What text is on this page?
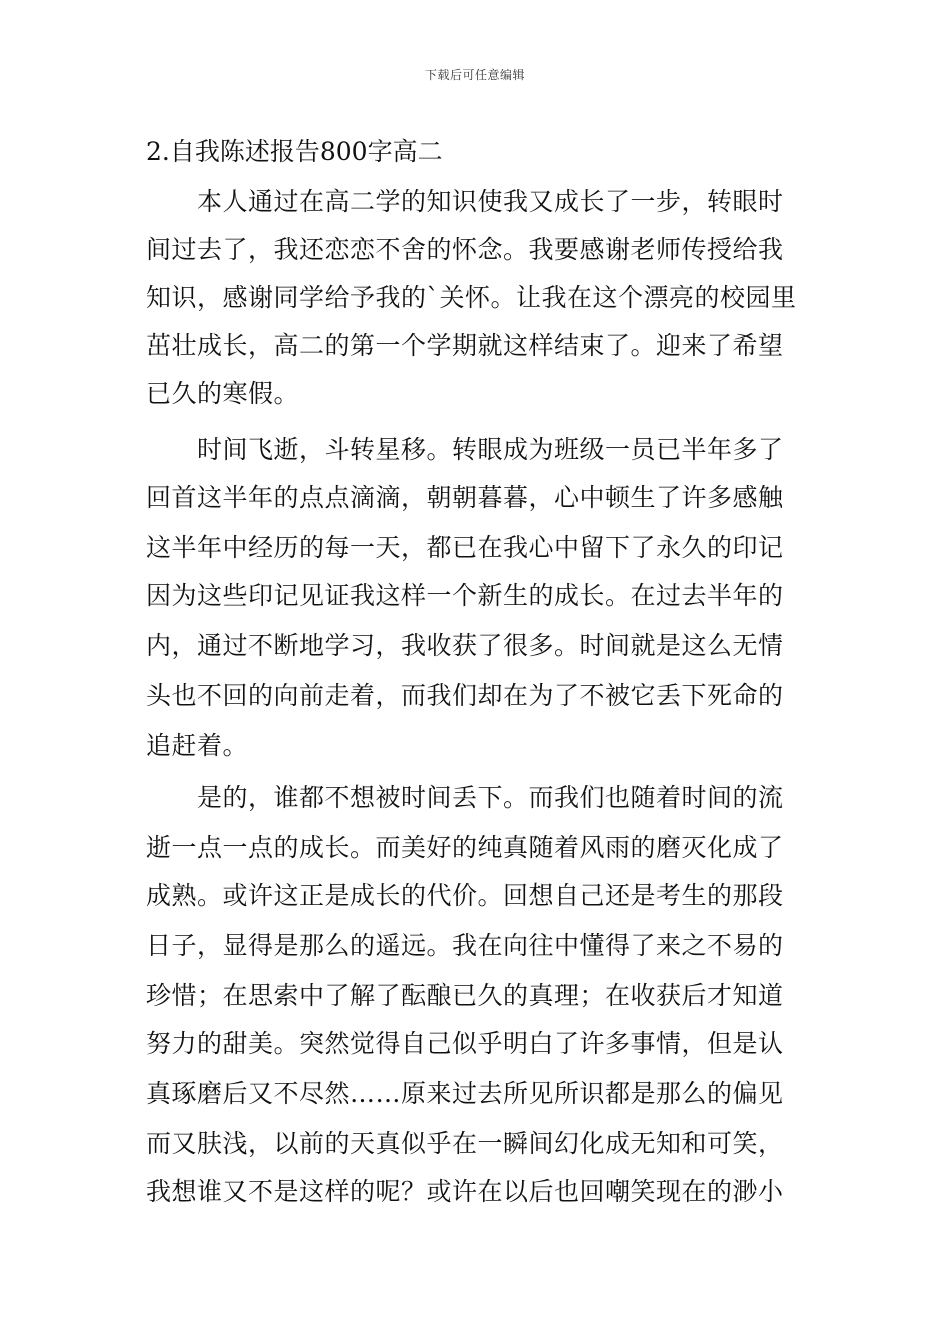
下载后可任意编辑
2.自我陈述报告800字高二
本人通过在高二学的知识使我又成长了一步，转眼时
间过去了，我还恋恋不舍的怀念。我要感谢老师传授给我
知识，感谢同学给予我的`关怀。让我在这个漂亮的校园里
茁壮成长，高二的第一个学期就这样结束了。迎来了希望
已久的寒假。
时间飞逝，斗转星移。转眼成为班级一员已半年多了
回首这半年的点点滴滴，朝朝暮暮，心中顿生了许多感触
这半年中经历的每一天，都已在我心中留下了永久的印记
因为这些印记见证我这样一个新生的成长。在过去半年的
内，通过不断地学习，我收获了很多。时间就是这么无情
头也不回的向前走着，而我们却在为了不被它丢下死命的
追赶着。
是的，谁都不想被时间丢下。而我们也随着时间的流
逝一点一点的成长。而美好的纯真随着风雨的磨灭化成了
成熟。或许这正是成长的代价。回想自己还是考生的那段
日子，显得是那么的遥远。我在向往中懂得了来之不易的
珍惜；在思索中了解了酝酿已久的真理；在收获后才知道
努力的甜美。突然觉得自己似乎明白了许多事情，但是认
真琢磨后又不尽然……原来过去所见所识都是那么的偏见
而又肤浅，以前的天真似乎在一瞬间幻化成无知和可笑，
我想谁又不是这样的呢？或许在以后也回嘲笑现在的渺小
